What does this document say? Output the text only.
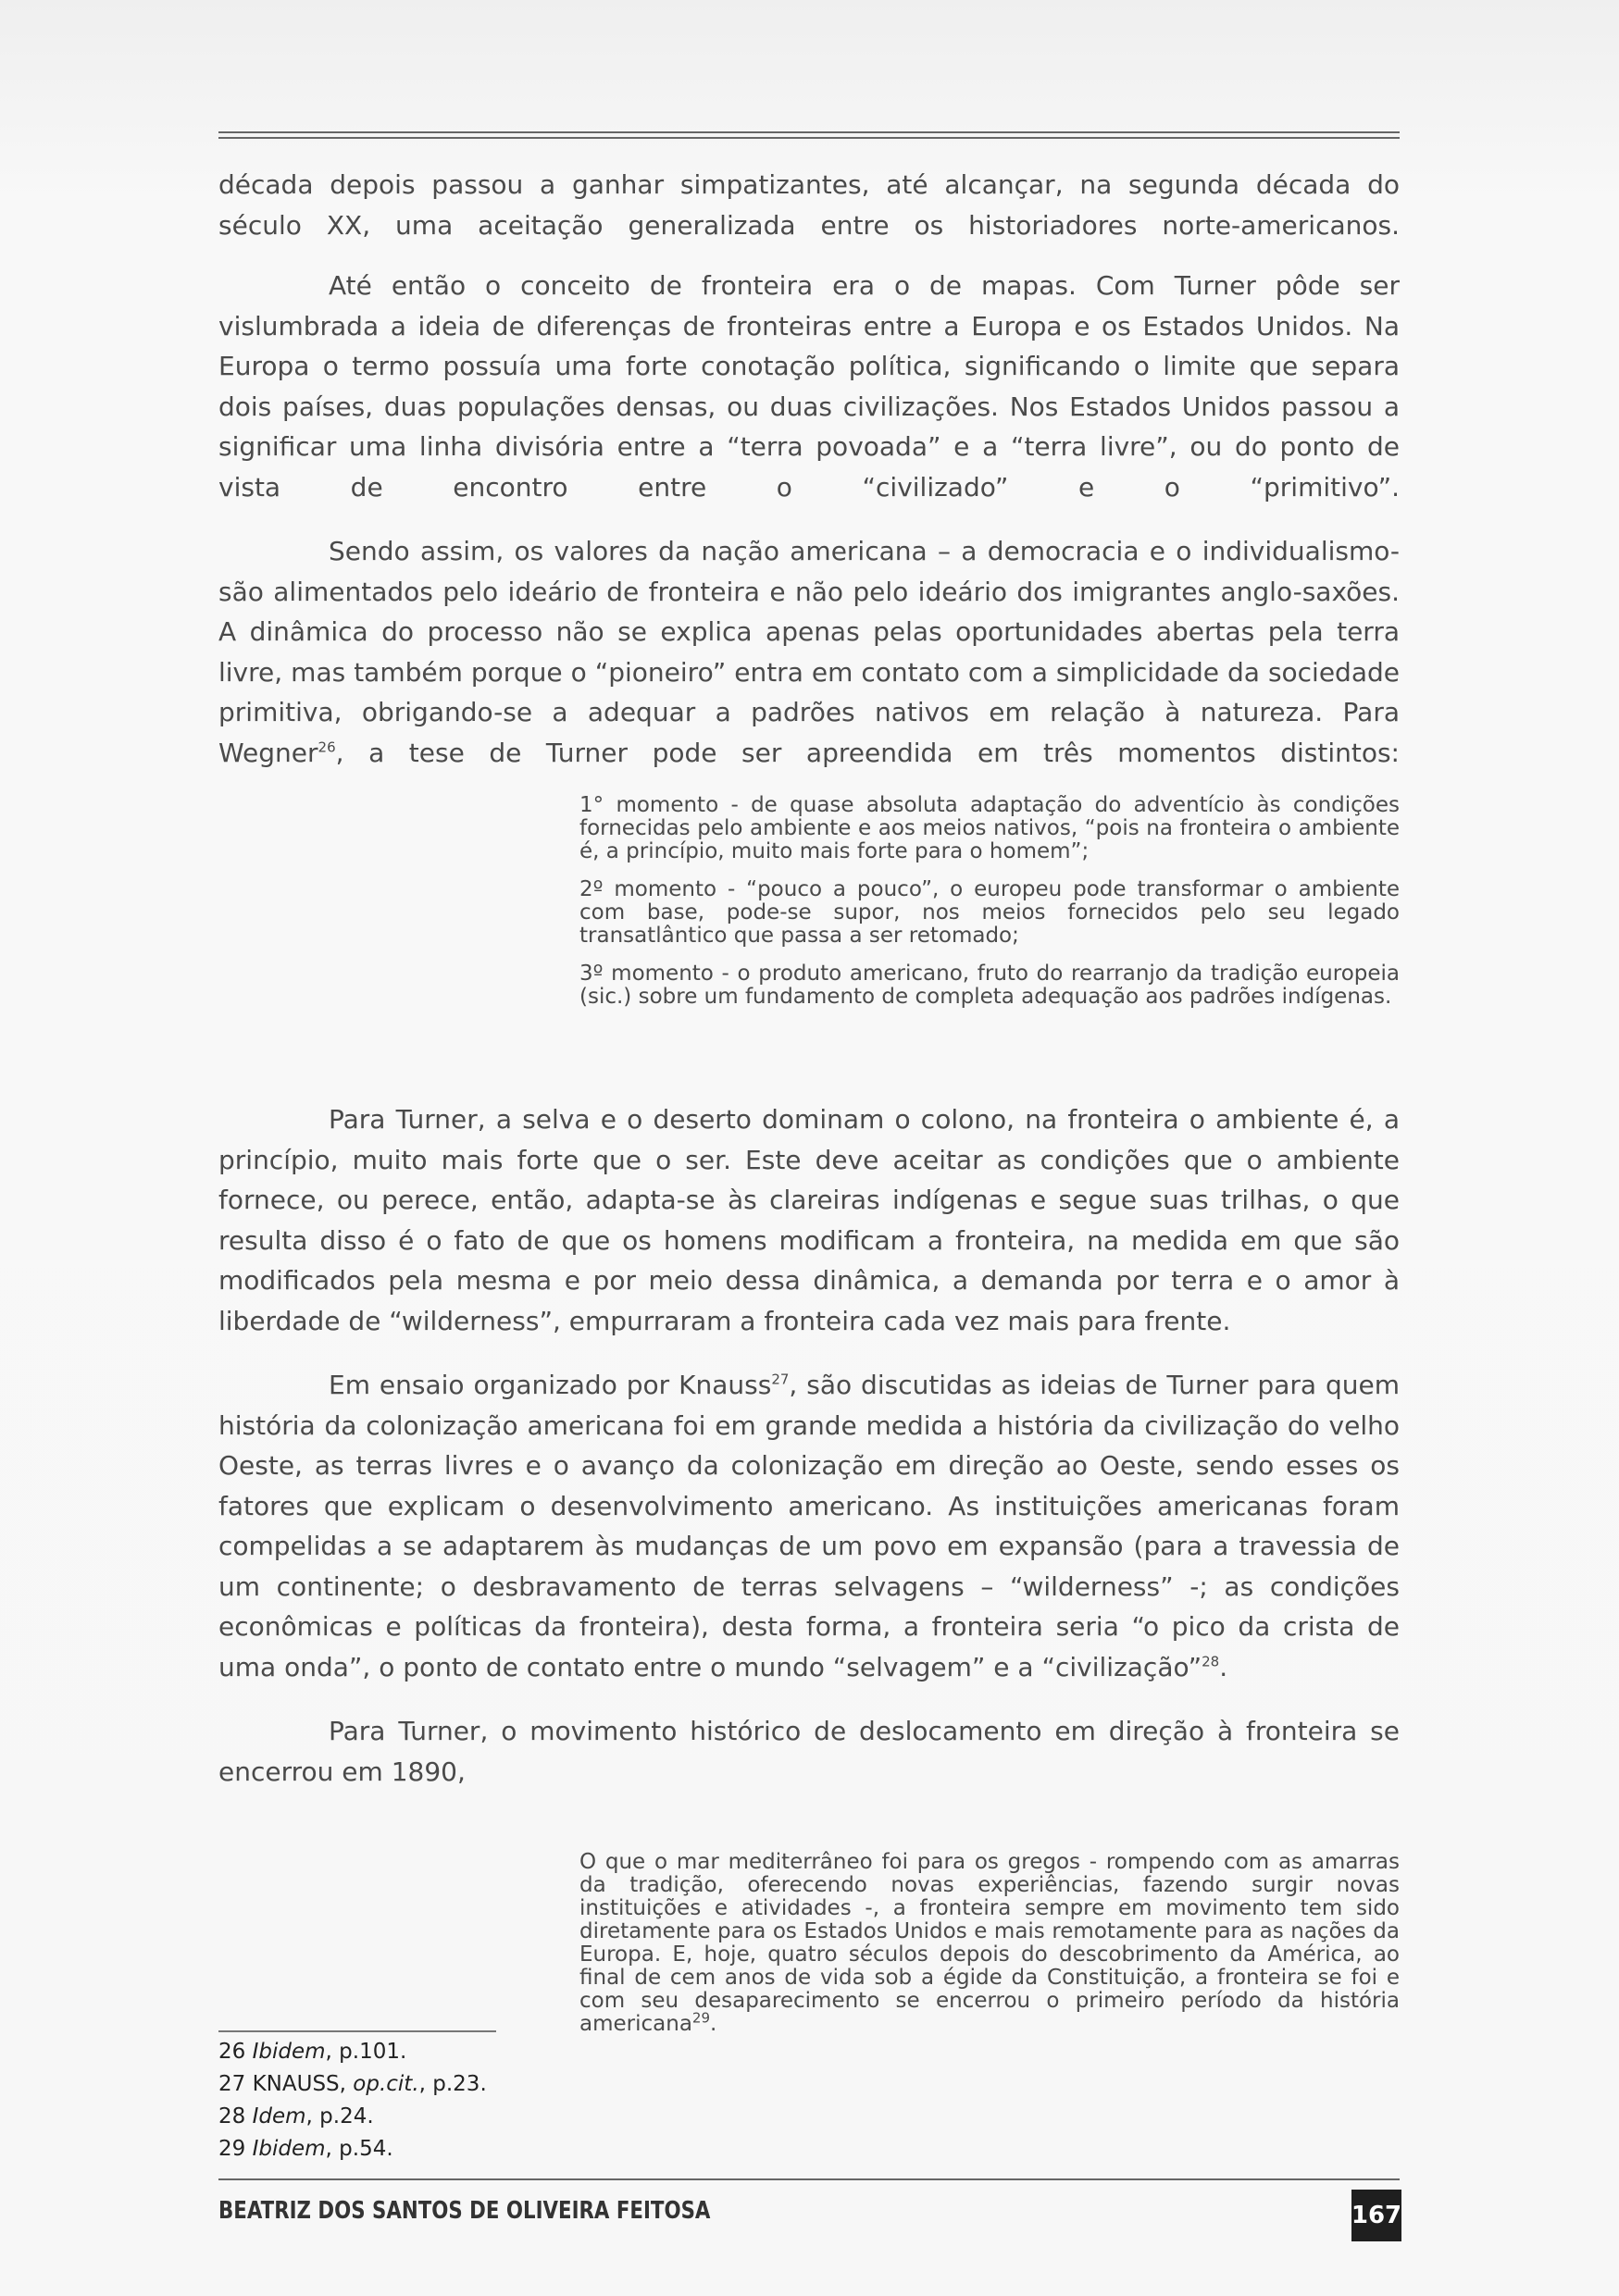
década depois passou a ganhar simpatizantes, até alcançar, na segunda década do

século XX, uma aceitação generalizada entre os historiadores norte-americanos.

Até então o conceito de fronteira era o de mapas. Com Turner pôde ser vislumbrada a ideia de diferenças de fronteiras entre a Europa e os Estados Unidos. Na Europa o termo possuía uma forte conotação política, significando o limite que separa dois países, duas populações densas, ou duas civilizações. Nos Estados Unidos passou a significar uma linha divisória entre a “terra povoada” e a “terra livre”, ou do ponto de vista de encontro entre o “civilizado” e o “primitivo”.

Sendo assim, os valores da nação americana – a democracia e o individualismo- são alimentados pelo ideário de fronteira e não pelo ideário dos imigrantes anglo-saxões. A dinâmica do processo não se explica apenas pelas oportunidades abertas pela terra livre, mas também porque o “pioneiro” entra em contato com a simplicidade da sociedade primitiva, obrigando-se a adequar a padrões nativos em relação à natureza. Para Wegner$^{26}$, a tese de Turner pode ser apreendida em três momentos distintos:

1° momento - de quase absoluta adaptação do adventício às condições fornecidas pelo ambiente e aos meios nativos, “pois na fronteira o ambiente é, a princípio, muito mais forte para o homem”;

2º momento - “pouco a pouco”, o europeu pode transformar o ambiente com base, pode-se supor, nos meios fornecidos pelo seu legado transatlântico que passa a ser retomado;

3º momento - o produto americano, fruto do rearranjo da tradição europeia (sic.) sobre um fundamento de completa adequação aos padrões indígenas.

Para Turner, a selva e o deserto dominam o colono, na fronteira o ambiente é, a princípio, muito mais forte que o ser. Este deve aceitar as condições que o ambiente fornece, ou perece, então, adapta-se às clareiras indígenas e segue suas trilhas, o que resulta disso é o fato de que os homens modificam a fronteira, na medida em que são modificados pela mesma e por meio dessa dinâmica, a demanda por terra e o amor à liberdade de “wilderness”, empurraram a fronteira cada vez mais para frente.

Em ensaio organizado por Knauss$^{27}$, são discutidas as ideias de Turner para quem história da colonização americana foi em grande medida a história da civilização do velho Oeste, as terras livres e o avanço da colonização em direção ao Oeste, sendo esses os fatores que explicam o desenvolvimento americano. As instituições americanas foram compelidas a se adaptarem às mudanças de um povo em expansão (para a travessia de um continente; o desbravamento de terras selvagens – “wilderness” -; as condições econômicas e políticas da fronteira), desta forma, a fronteira seria “o pico da crista de uma onda”, o ponto de contato entre o mundo “selvagem” e a “civilização”$^{28}$.

Para Turner, o movimento histórico de deslocamento em direção à fronteira se encerrou em 1890,

O que o mar mediterrâneo foi para os gregos - rompendo com as amarras da tradição, oferecendo novas experiências, fazendo surgir novas instituições e atividades -, a fronteira sempre em movimento tem sido diretamente para os Estados Unidos e mais remotamente para as nações da Europa. E, hoje, quatro séculos depois do descobrimento da América, ao final de cem anos de vida sob a égide da Constituição, a fronteira se foi e com seu desaparecimento se encerrou o primeiro período da história americana$^{29}$.

26 Ibidem, p.101.
27 KNAUSS, op.cit., p.23.
28 Idem, p.24.
29 Ibidem, p.54.
BEATRIZ DOS SANTOS DE OLIVEIRA FEITOSA	167
